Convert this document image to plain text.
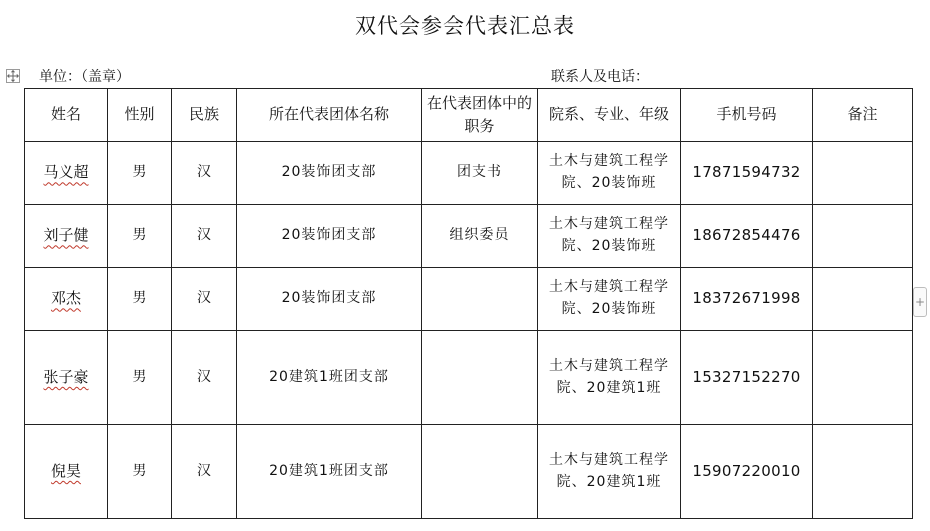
双代会参会代表汇总表
单位：（盖章）	联系人及电话：
姓名	性别	民族	所在代表团体名称	在代表团体中的职务	院系、专业、年级	手机号码	备注
马义超	男	汉	20装饰团支部	团支书	土木与建筑工程学院、20装饰班	17871594732	
刘子健	男	汉	20装饰团支部	组织委员	土木与建筑工程学院、20装饰班	18672854476	
邓杰	男	汉	20装饰团支部		土木与建筑工程学院、20装饰班	18372671998	
张子豪	男	汉	20建筑1班团支部		土木与建筑工程学院、20建筑1班	15327152270	
倪昊	男	汉	20建筑1班团支部		土木与建筑工程学院、20建筑1班	15907220010	
+
